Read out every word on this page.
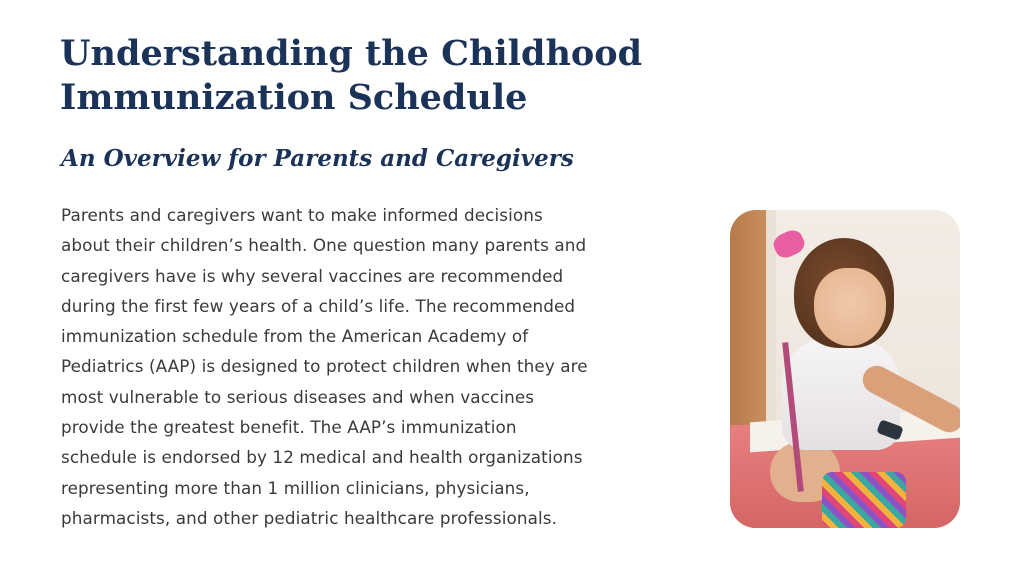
Understanding the Childhood
Immunization Schedule
An Overview for Parents and Caregivers
Parents and caregivers want to make informed decisions
about their children’s health. One question many parents and
caregivers have is why several vaccines are recommended
during the first few years of a child’s life. The recommended
immunization schedule from the American Academy of
Pediatrics (AAP) is designed to protect children when they are
most vulnerable to serious diseases and when vaccines
provide the greatest benefit. The AAP’s immunization
schedule is endorsed by 12 medical and health organizations
representing more than 1 million clinicians, physicians,
pharmacists, and other pediatric healthcare professionals.
